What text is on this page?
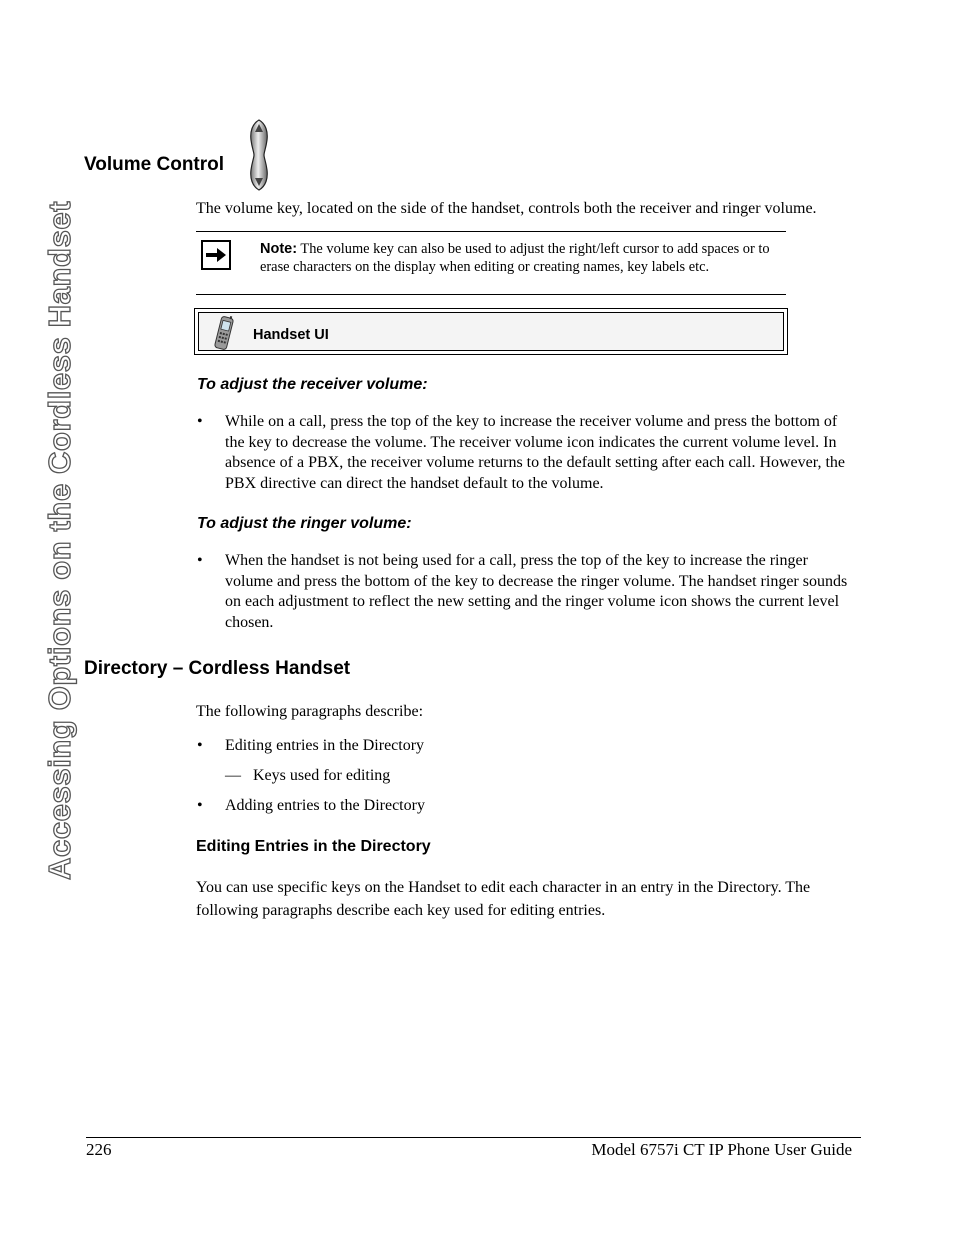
Accessing Options on the Cordless Handset
Volume Control
The volume key, located on the side of the handset, controls both the receiver and ringer volume.
Note: The volume key can also be used to adjust the right/left cursor to add spaces or to erase characters on the display when editing or creating names, key labels etc.
Handset UI
To adjust the receiver volume:
• While on a call, press the top of the key to increase the receiver volume and press the bottom of the key to decrease the volume. The receiver volume icon indicates the current volume level. In absence of a PBX, the receiver volume returns to the default setting after each call. However, the PBX directive can direct the handset default to the volume.
To adjust the ringer volume:
• When the handset is not being used for a call, press the top of the key to increase the ringer volume and press the bottom of the key to decrease the ringer volume. The handset ringer sounds on each adjustment to reflect the new setting and the ringer volume icon shows the current level chosen.
Directory – Cordless Handset
The following paragraphs describe:
• Editing entries in the Directory
— Keys used for editing
• Adding entries to the Directory
Editing Entries in the Directory
You can use specific keys on the Handset to edit each character in an entry in the Directory. The following paragraphs describe each key used for editing entries.
226	Model 6757i CT IP Phone User Guide
